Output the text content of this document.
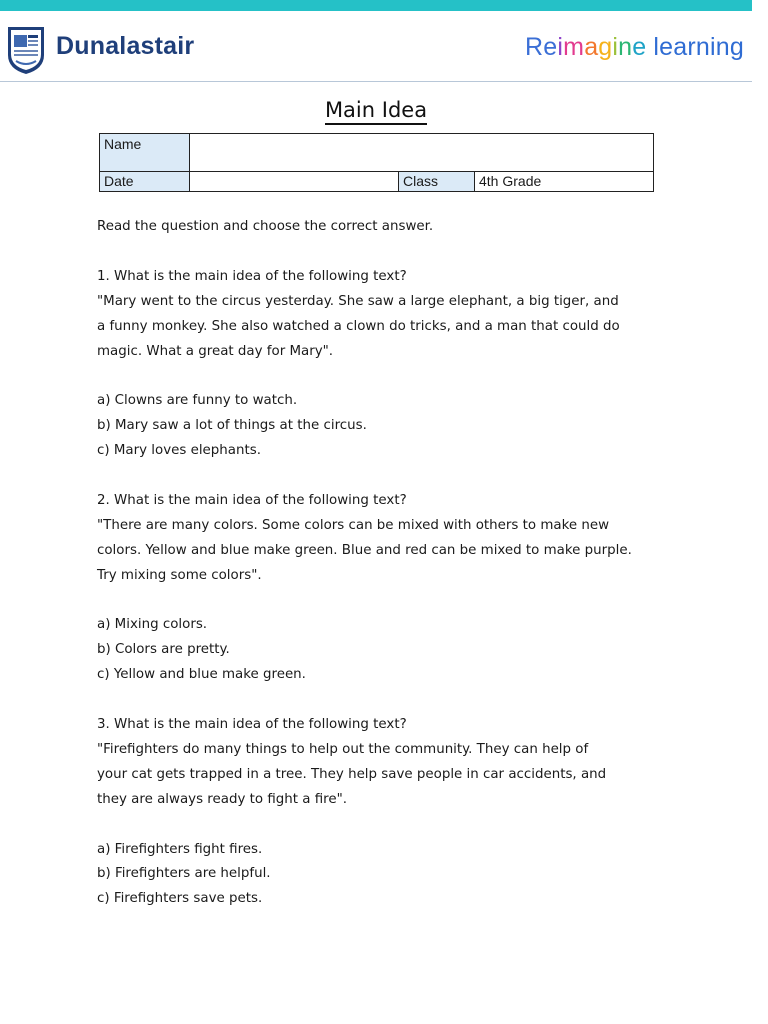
Dunalastair	Reimagine learning
Main Idea
Name			
Date		Class	4th Grade

Read the question and choose the correct answer.

1. What is the main idea of the following text?

"Mary went to the circus yesterday. She saw a large elephant, a big tiger, and

a funny monkey. She also watched a clown do tricks, and a man that could do

magic. What a great day for Mary".

a) Clowns are funny to watch.

b) Mary saw a lot of things at the circus.

c) Mary loves elephants.

2. What is the main idea of the following text?

"There are many colors. Some colors can be mixed with others to make new

colors. Yellow and blue make green. Blue and red can be mixed to make purple.

Try mixing some colors".

a) Mixing colors.

b) Colors are pretty.

c) Yellow and blue make green.

3. What is the main idea of the following text?

"Firefighters do many things to help out the community. They can help of

your cat gets trapped in a tree. They help save people in car accidents, and

they are always ready to fight a fire".

a) Firefighters fight fires.

b) Firefighters are helpful.

c) Firefighters save pets.
